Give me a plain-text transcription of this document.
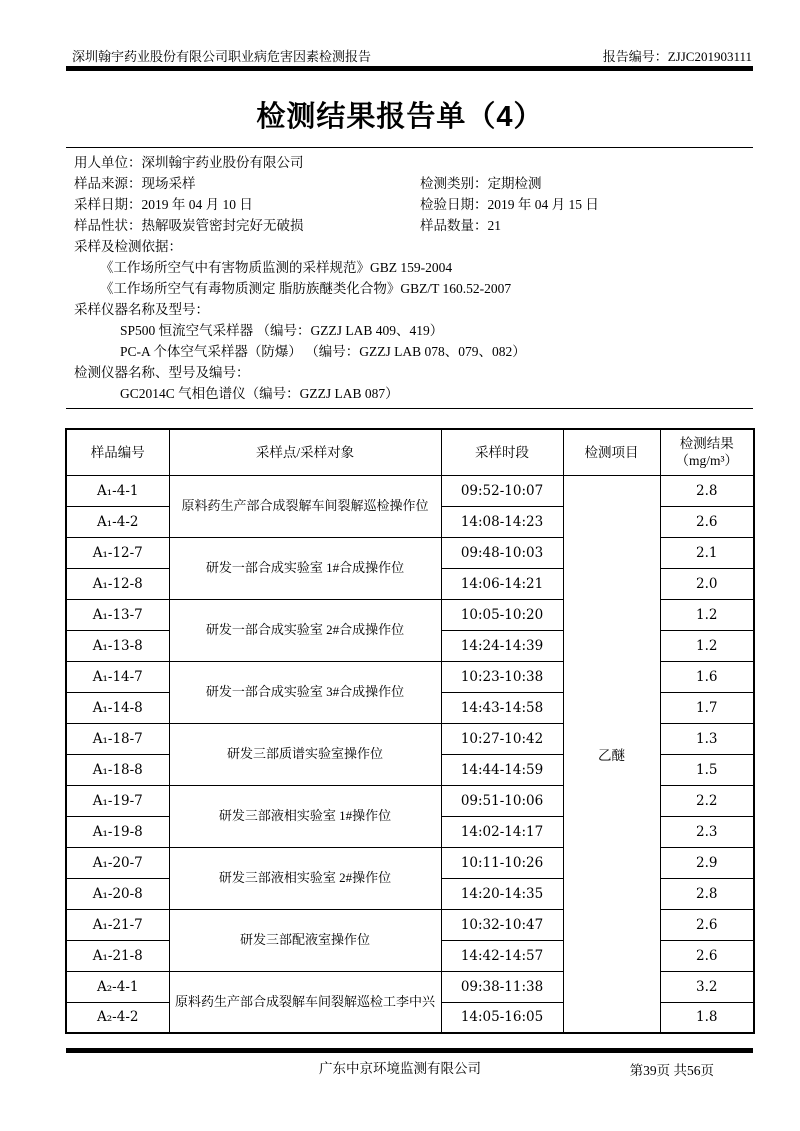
深圳翰宇药业股份有限公司职业病危害因素检测报告	报告编号：ZJJC201903111
检测结果报告单（4）
用人单位：深圳翰宇药业股份有限公司
样品来源：现场采样	检测类别：定期检测
采样日期：2019 年 04 月 10 日	检验日期：2019 年 04 月 15 日
样品性状：热解吸炭管密封完好无破损	样品数量：21
采样及检测依据：
《工作场所空气中有害物质监测的采样规范》GBZ 159-2004
《工作场所空气有毒物质测定 脂肪族醚类化合物》GBZ/T 160.52-2007
采样仪器名称及型号：
SP500 恒流空气采样器 （编号：GZZJ LAB 409、419）
PC-A 个体空气采样器（防爆） （编号：GZZJ LAB 078、079、082）
检测仪器名称、型号及编号：
GC2014C 气相色谱仪（编号：GZZJ LAB 087）
样品编号	采样点/采样对象	采样时段	检测项目	检测结果
（mg/m³）
A₁-4-1	原料药生产部合成裂解车间裂解巡检操作位	09:52-10:07	乙醚	2.8
A₁-4-2		14:08-14:23		2.6
A₁-12-7	研发一部合成实验室 1#合成操作位	09:48-10:03		2.1
A₁-12-8		14:06-14:21		2.0
A₁-13-7	研发一部合成实验室 2#合成操作位	10:05-10:20		1.2
A₁-13-8		14:24-14:39		1.2
A₁-14-7	研发一部合成实验室 3#合成操作位	10:23-10:38		1.6
A₁-14-8		14:43-14:58		1.7
A₁-18-7	研发三部质谱实验室操作位	10:27-10:42		1.3
A₁-18-8		14:44-14:59		1.5
A₁-19-7	研发三部液相实验室 1#操作位	09:51-10:06		2.2
A₁-19-8		14:02-14:17		2.3
A₁-20-7	研发三部液相实验室 2#操作位	10:11-10:26		2.9
A₁-20-8		14:20-14:35		2.8
A₁-21-7	研发三部配液室操作位	10:32-10:47		2.6
A₁-21-8		14:42-14:57		2.6
A₂-4-1	原料药生产部合成裂解车间裂解巡检工李中兴	09:38-11:38		3.2
A₂-4-2		14:05-16:05		1.8
广东中京环境监测有限公司	第39页 共56页
